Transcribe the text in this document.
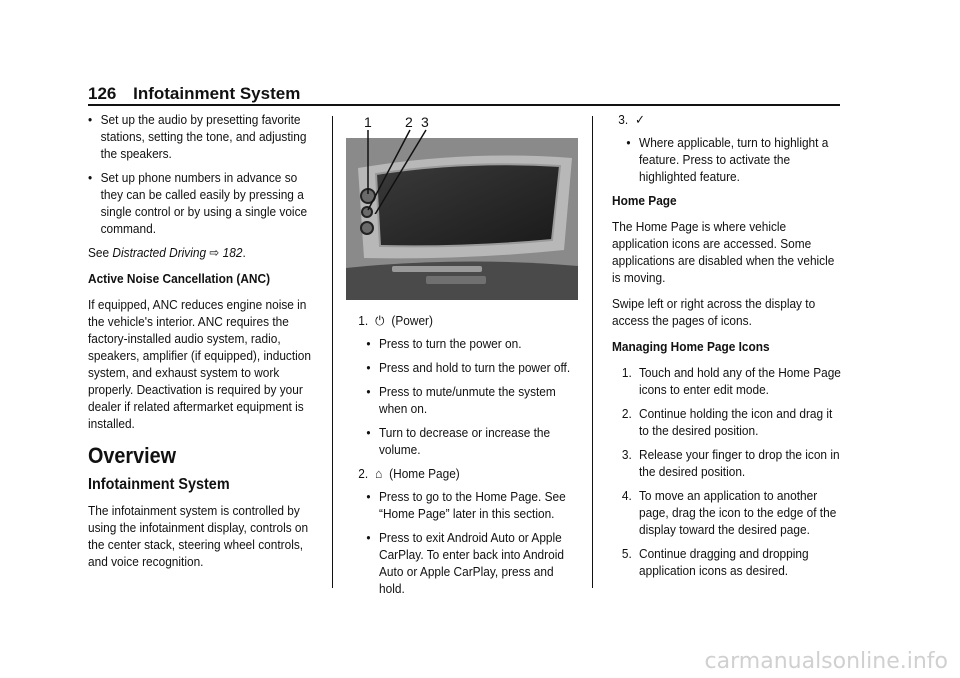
126 Infotainment System
• Set up the audio by presetting favorite stations, setting the tone, and adjusting the speakers.
• Set up phone numbers in advance so they can be called easily by pressing a single control or by using a single voice command.

See Distracted Driving ⇨ 182.

Active Noise Cancellation (ANC)

If equipped, ANC reduces engine noise in the vehicle's interior. ANC requires the factory-installed audio system, radio, speakers, amplifier (if equipped), induction system, and exhaust system to work properly. Deactivation is required by your dealer if related aftermarket equipment is installed.

Overview
Infotainment System

The infotainment system is controlled by using the infotainment display, controls on the center stack, steering wheel controls, and voice recognition.

1 2 3
1. ⏻ (Power)
• Press to turn the power on.
• Press and hold to turn the power off.
• Press to mute/unmute the system when on.
• Turn to decrease or increase the volume.
2. ⌂ (Home Page)
• Press to go to the Home Page. See “Home Page” later in this section.
• Press to exit Android Auto or Apple CarPlay. To enter back into Android Auto or Apple CarPlay, press and hold.
3. ✓
• Where applicable, turn to highlight a feature. Press to activate the highlighted feature.

Home Page

The Home Page is where vehicle application icons are accessed. Some applications are disabled when the vehicle is moving.

Swipe left or right across the display to access the pages of icons.

Managing Home Page Icons

1. Touch and hold any of the Home Page icons to enter edit mode.
2. Continue holding the icon and drag it to the desired position.
3. Release your finger to drop the icon in the desired position.
4. To move an application to another page, drag the icon to the edge of the display toward the desired page.
5. Continue dragging and dropping application icons as desired.
carmanualsonline.info
